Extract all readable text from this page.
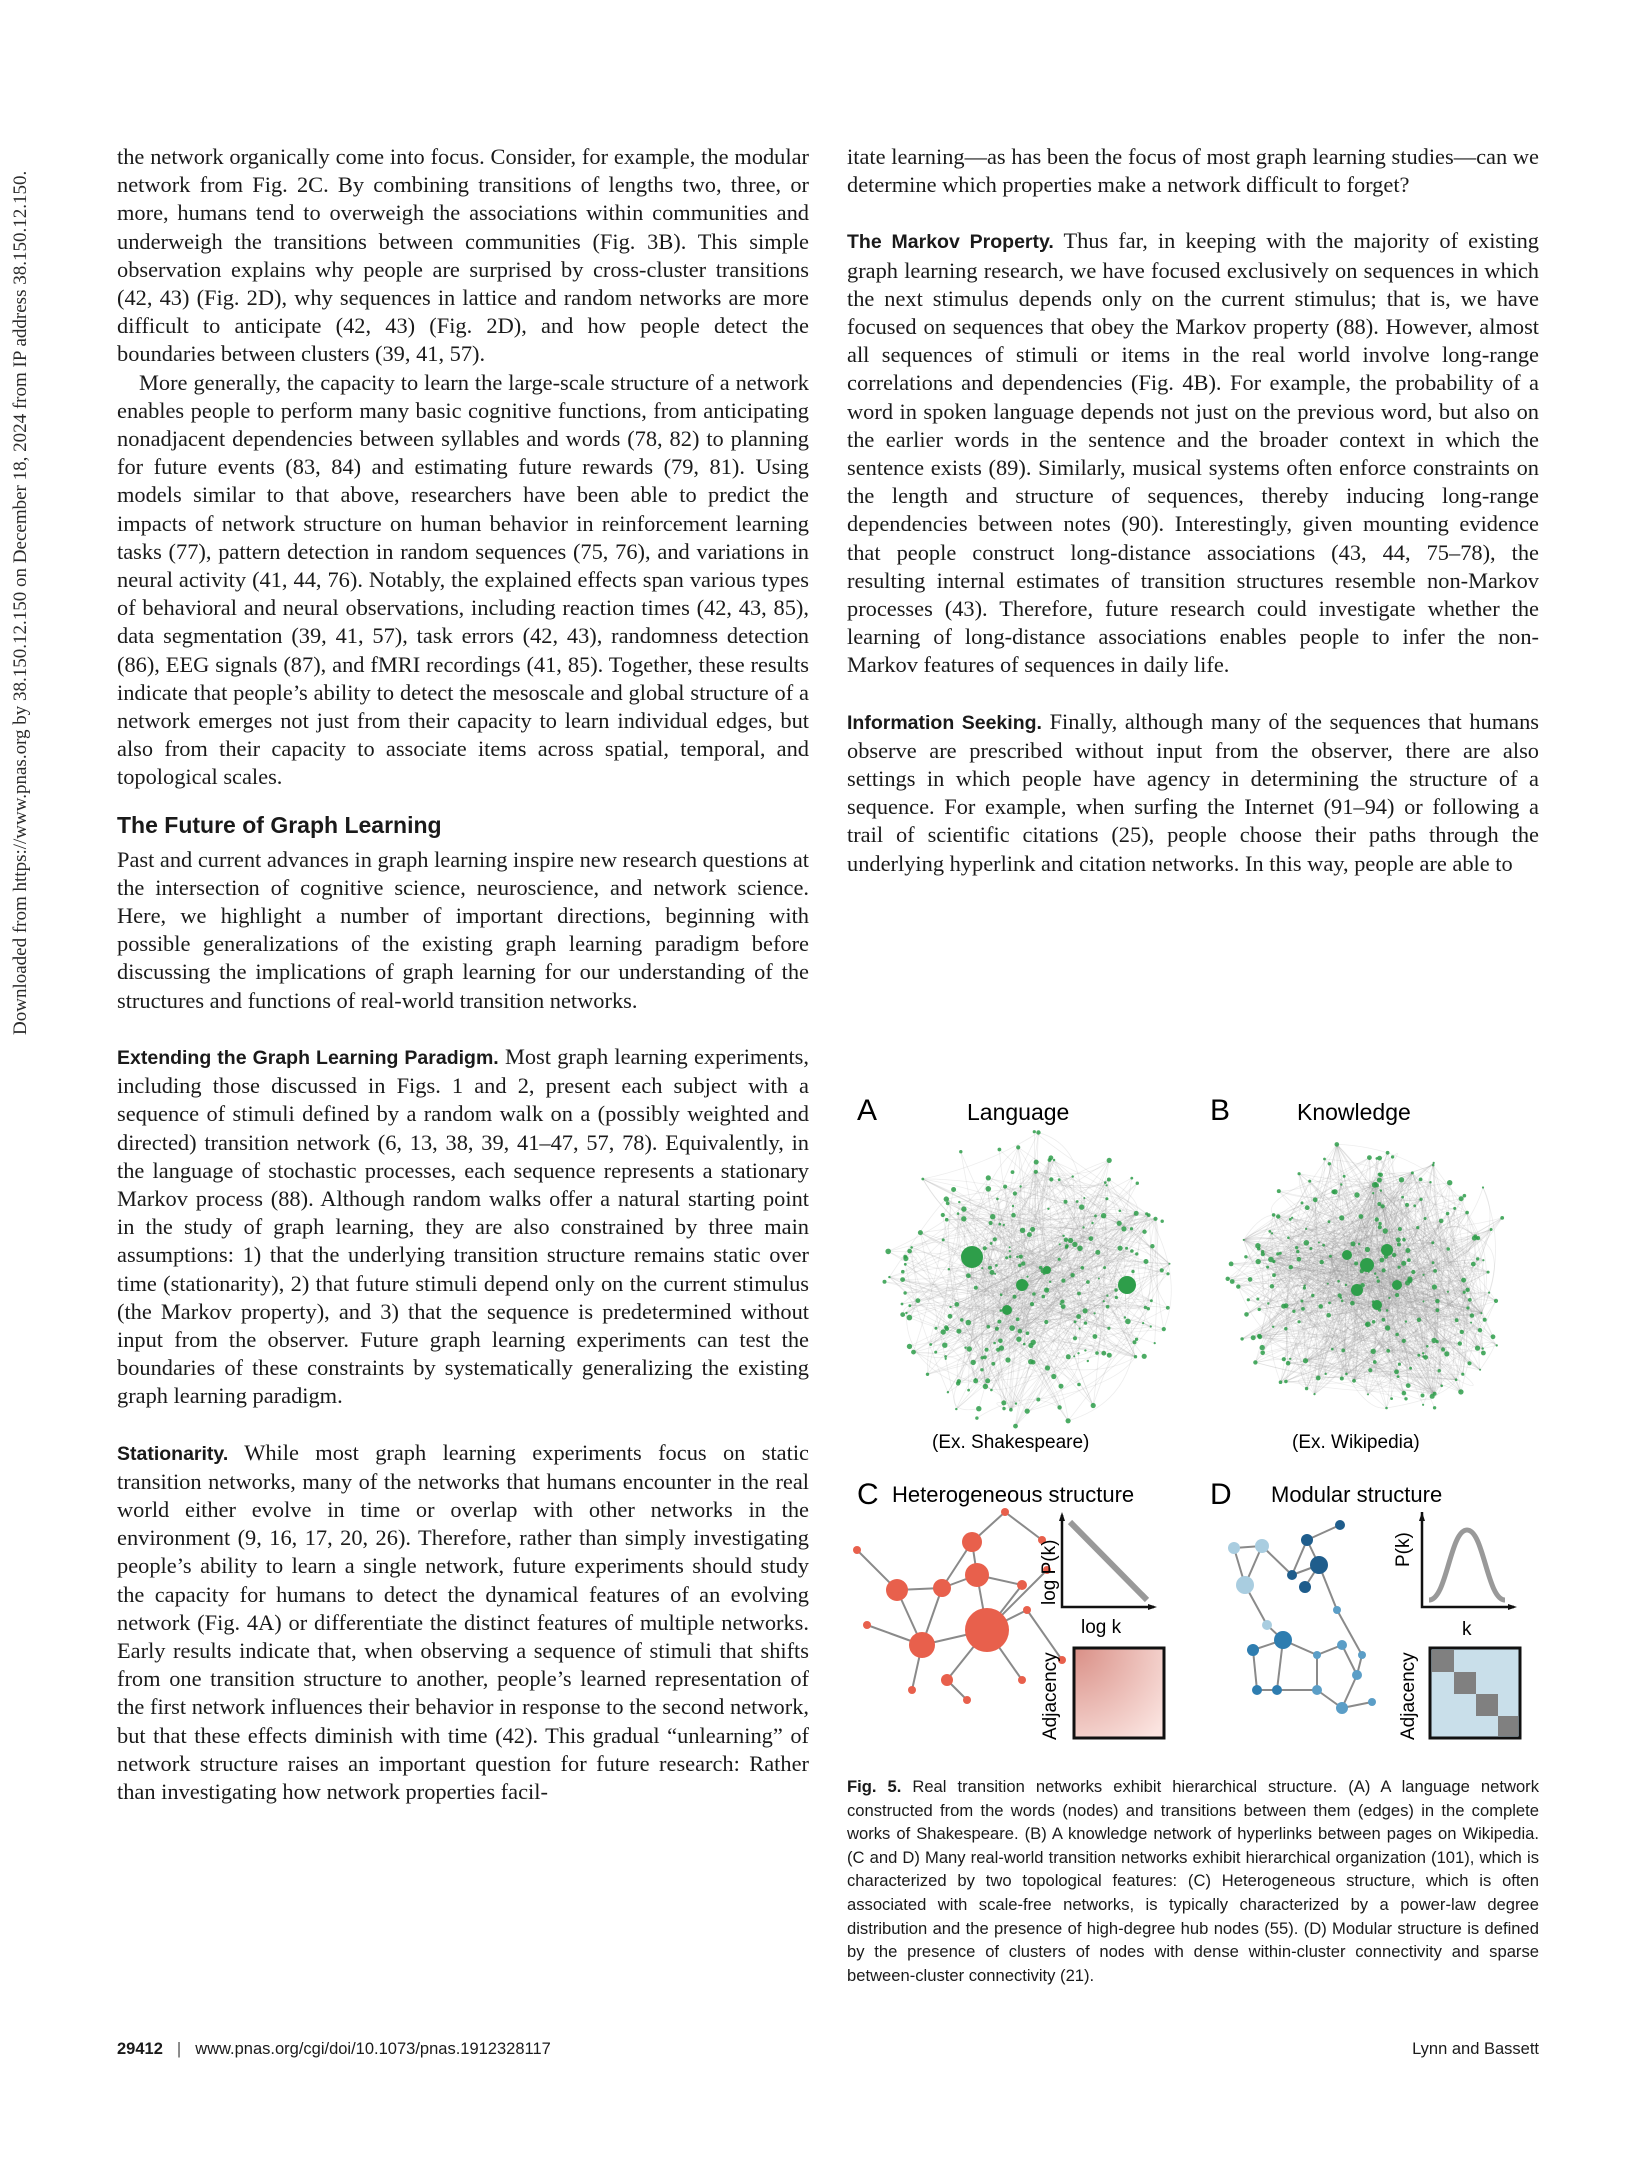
Downloaded from https://www.pnas.org by 38.150.12.150 on December 18, 2024 from IP address 38.150.12.150.

the network organically come into focus. Consider, for example, the modular network from Fig. 2C. By combining transitions of lengths two, three, or more, humans tend to overweigh the associations within communities and underweigh the transitions between communities (Fig. 3B). This simple observation explains why people are surprised by cross-cluster transitions (42, 43) (Fig. 2D), why sequences in lattice and random networks are more difficult to anticipate (42, 43) (Fig. 2D), and how people detect the boundaries between clusters (39, 41, 57).

More generally, the capacity to learn the large-scale structure of a network enables people to perform many basic cognitive functions, from anticipating nonadjacent dependencies between syllables and words (78, 82) to planning for future events (83, 84) and estimating future rewards (79, 81). Using models similar to that above, researchers have been able to predict the impacts of network structure on human behavior in reinforcement learning tasks (77), pattern detection in random sequences (75, 76), and variations in neural activity (41, 44, 76). Notably, the explained effects span various types of behavioral and neural observations, including reaction times (42, 43, 85), data segmentation (39, 41, 57), task errors (42, 43), randomness detection (86), EEG signals (87), and fMRI recordings (41, 85). Together, these results indicate that people’s ability to detect the mesoscale and global structure of a network emerges not just from their capacity to learn individual edges, but also from their capacity to associate items across spatial, temporal, and topological scales.

The Future of Graph Learning

Past and current advances in graph learning inspire new research questions at the intersection of cognitive science, neuroscience, and network science. Here, we highlight a number of important directions, beginning with possible generalizations of the existing graph learning paradigm before discussing the implications of graph learning for our understanding of the structures and functions of real-world transition networks.

Extending the Graph Learning Paradigm. Most graph learning experiments, including those discussed in Figs. 1 and 2, present each subject with a sequence of stimuli defined by a random walk on a (possibly weighted and directed) transition network (6, 13, 38, 39, 41–47, 57, 78). Equivalently, in the language of stochastic processes, each sequence represents a stationary Markov process (88). Although random walks offer a natural starting point in the study of graph learning, they are also constrained by three main assumptions: 1) that the underlying transition structure remains static over time (stationarity), 2) that future stimuli depend only on the current stimulus (the Markov property), and 3) that the sequence is predetermined without input from the observer. Future graph learning experiments can test the boundaries of these constraints by systematically generalizing the existing graph learning paradigm.

Stationarity. While most graph learning experiments focus on static transition networks, many of the networks that humans encounter in the real world either evolve in time or overlap with other networks in the environment (9, 16, 17, 20, 26). Therefore, rather than simply investigating people’s ability to learn a single network, future experiments should study the capacity for humans to detect the dynamical features of an evolving network (Fig. 4A) or differentiate the distinct features of multiple networks. Early results indicate that, when observing a sequence of stimuli that shifts from one transition structure to another, people’s learned representation of the first network influences their behavior in response to the second network, but that these effects diminish with time (42). This gradual “unlearning” of network structure raises an important question for future research: Rather than investigating how network properties facil-

itate learning—as has been the focus of most graph learning studies—can we determine which properties make a network difficult to forget?

The Markov Property. Thus far, in keeping with the majority of existing graph learning research, we have focused exclusively on sequences in which the next stimulus depends only on the current stimulus; that is, we have focused on sequences that obey the Markov property (88). However, almost all sequences of stimuli or items in the real world involve long-range correlations and dependencies (Fig. 4B). For example, the probability of a word in spoken language depends not just on the previous word, but also on the earlier words in the sentence and the broader context in which the sentence exists (89). Similarly, musical systems often enforce constraints on the length and structure of sequences, thereby inducing long-range dependencies between notes (90). Interestingly, given mounting evidence that people construct long-distance associations (43, 44, 75–78), the resulting internal estimates of transition structures resemble non-Markov processes (43). Therefore, future research could investigate whether the learning of long-distance associations enables people to infer the non-Markov features of sequences in daily life.

Information Seeking. Finally, although many of the sequences that humans observe are prescribed without input from the observer, there are also settings in which people have agency in determining the structure of a sequence. For example, when surfing the Internet (91–94) or following a trail of scientific citations (25), people choose their paths through the underlying hyperlink and citation networks. In this way, people are able to

A	Language
(Ex. Shakespeare)
B	Knowledge
(Ex. Wikipedia)
C Heterogeneous structure
log P(k)
log k
Adjacency
D Modular structure
P(k)
k
Adjacency
Fig. 5. Real transition networks exhibit hierarchical structure. (A) A language network constructed from the words (nodes) and transitions between them (edges) in the complete works of Shakespeare. (B) A knowledge network of hyperlinks between pages on Wikipedia. (C and D) Many real-world transition networks exhibit hierarchical organization (101), which is characterized by two topological features: (C) Heterogeneous structure, which is often associated with scale-free networks, is typically characterized by a power-law degree distribution and the presence of high-degree hub nodes (55). (D) Modular structure is defined by the presence of clusters of nodes with dense within-cluster connectivity and sparse between-cluster connectivity (21).
29412 | www.pnas.org/cgi/doi/10.1073/pnas.1912328117	Lynn and Bassett
